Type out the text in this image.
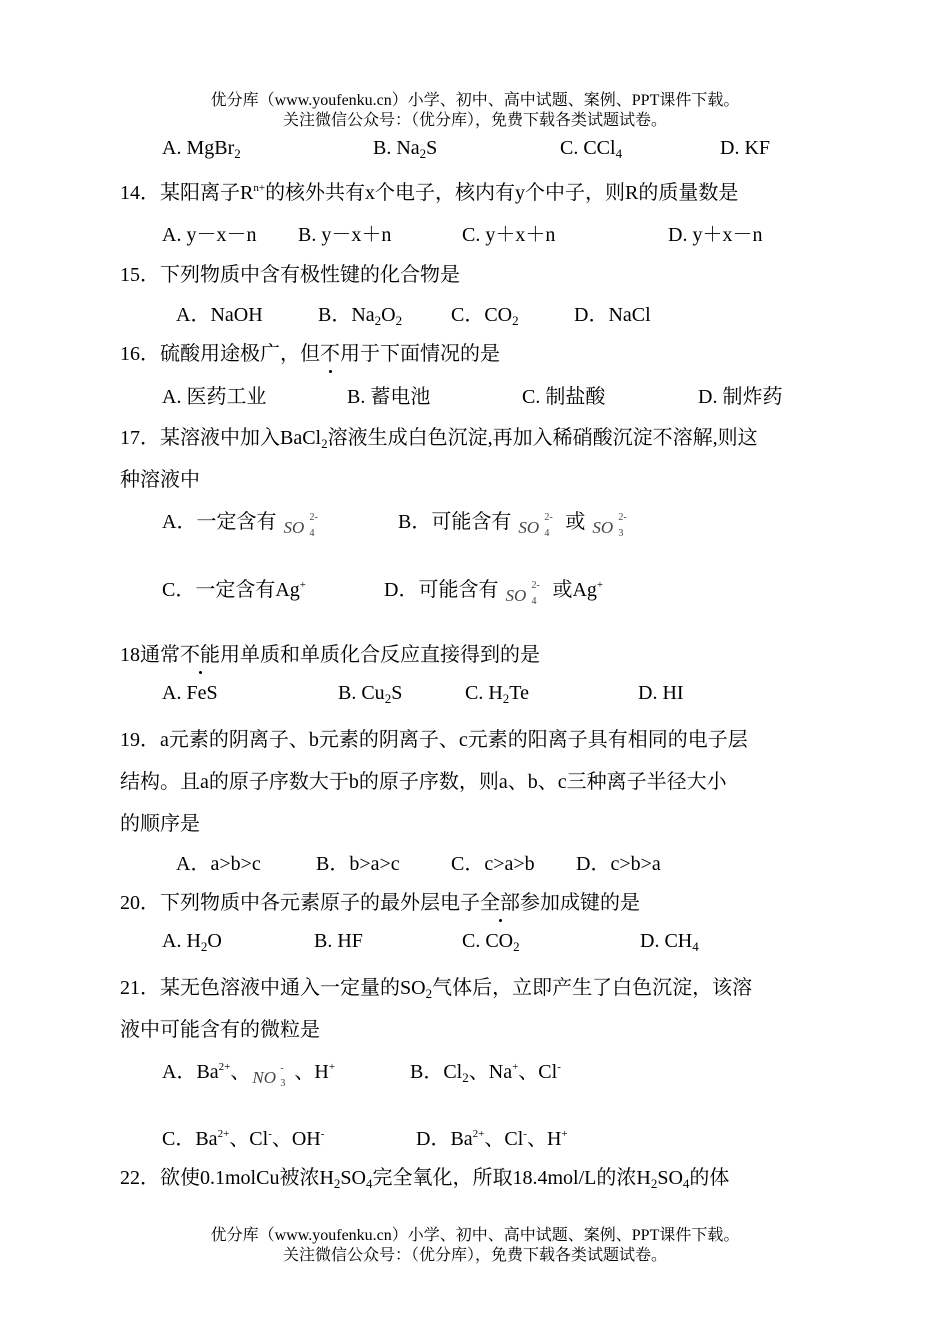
优分库（www.youfenku.cn）小学、初中、高中试题、案例、PPT课件下载。
关注微信公众号：（优分库），免费下载各类试题试卷。
A. MgBr$_2$	B. $Na_2S$	C. CCl$_4$	D. KF
14．某阳离子$R^{n+}$的核外共有x个电子，核内有y个中子，则R的质量数是
A. y－x－n B. y－x＋n	C. y＋x＋n	D. y＋x－n
15．下列物质中含有极性键的化合物是
A．NaOH	B．$Na_2O_2$ C．$CO_2$	D．NaCl
16．硫酸用途极广，但不用于下面情况的是
A. 医药工业	B. 蓄电池	C. 制盐酸	D. 制炸药
17．某溶液中加入BaCl$_2$溶液生成白色沉淀,再加入稀硝酸沉淀不溶解,则这
种溶液中
A．一定含有 SO 4
2-	B．可能含有 SO 4
2- 或 SO 3
2-
C．一定含有Ag+	D．可能含有 SO 4
2- 或Ag+
18通常不能用单质和单质化合反应直接得到的是
A. FeS	B. $Cu_2S$	C. $H_2Te$	D. HI
19．a元素的阴离子、b元素的阴离子、c元素的阳离子具有相同的电子层
结构。且a的原子序数大于b的原子序数，则a、b、c三种离子半径大小
的顺序是
A．a>b>c	B．b>a>c	C．c>a>b D．c>b>a
20．下列物质中各元素原子的最外层电子全部参加成键的是
A. $H_2O$	B. HF	C. $CO_2$	D. $CH_4$
21．某无色溶液中通入一定量的$SO_2$气体后，立即产生了白色沉淀，该溶
液中可能含有的微粒是
A．$Ba^{2+}$、 NO 3
- 、H+	B．$Cl_2$、Na+、Cl-
C．$Ba^{2+}$、Cl-、OH-	D．$Ba^{2+}$、Cl-、H+
22．欲使0.1molCu被浓$H_2SO_4$完全氧化，所取18.4mol/L的浓$H_2SO_4$的体
优分库（www.youfenku.cn）小学、初中、高中试题、案例、PPT课件下载。
关注微信公众号：（优分库），免费下载各类试题试卷。
